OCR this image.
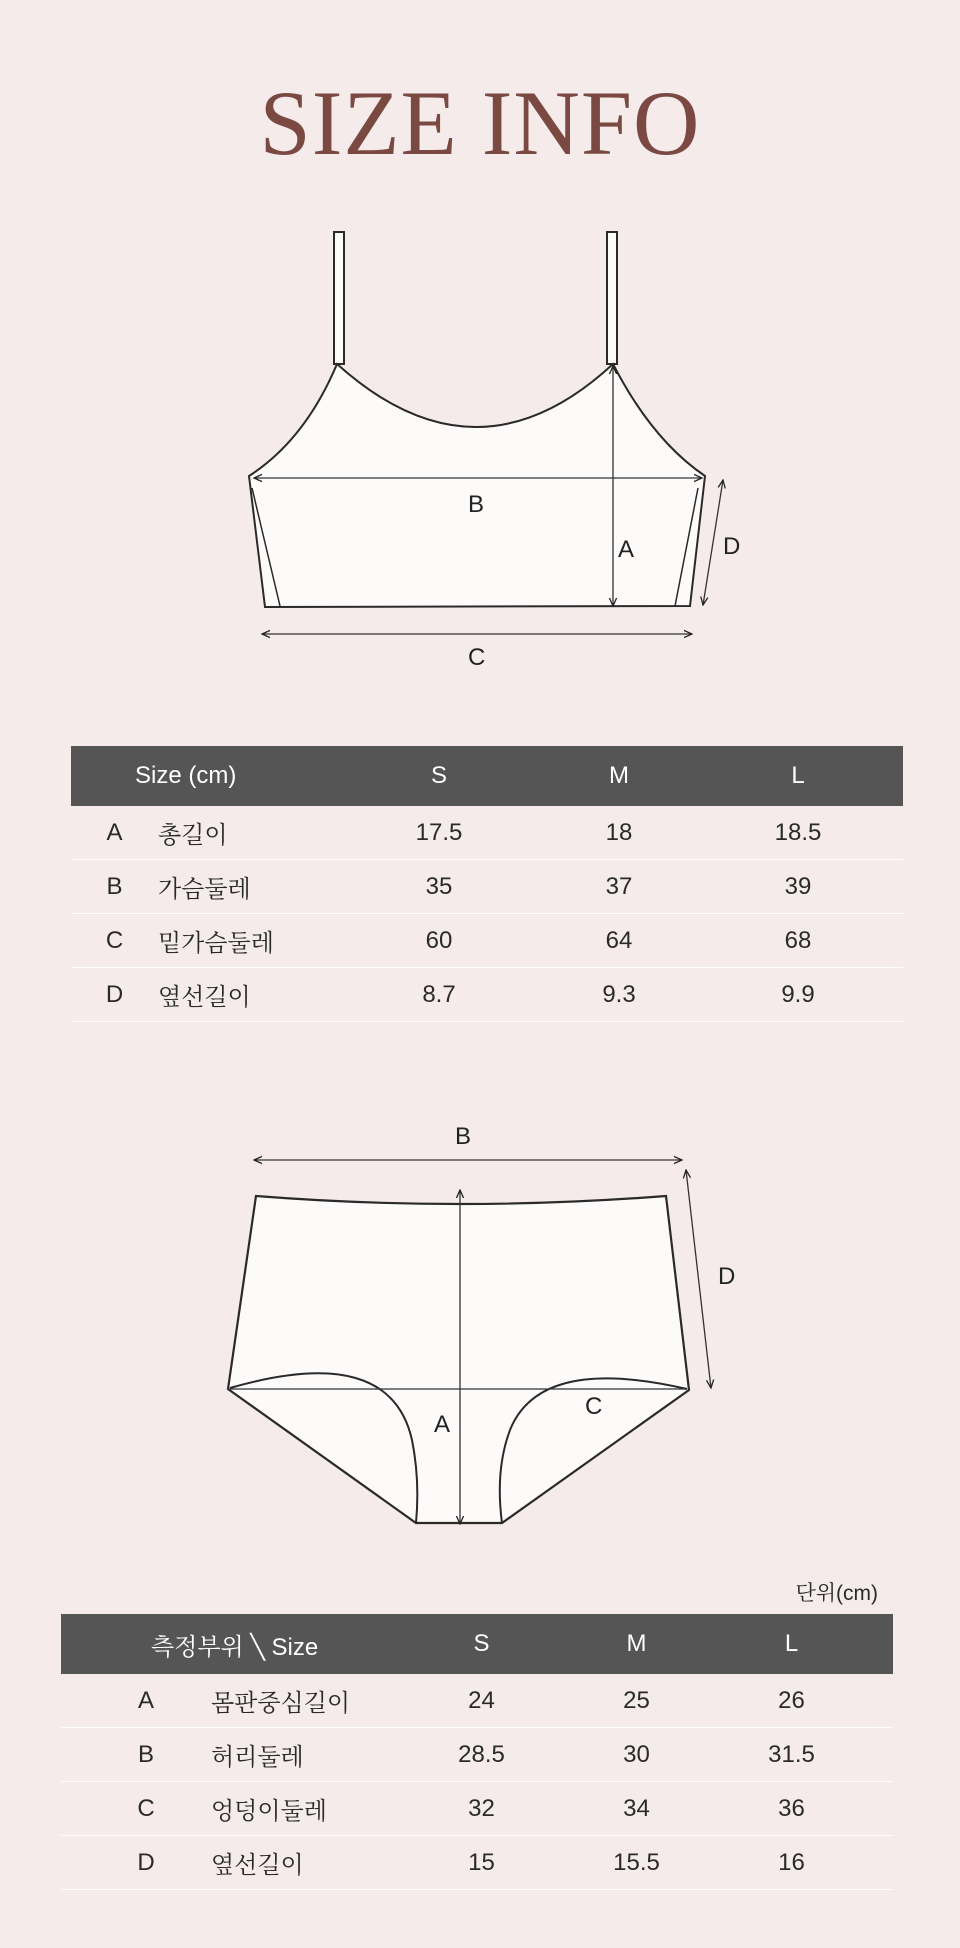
SIZE INFO
B
A
C
D
Size (cm)		S	M	L
A	총길이	17.5	18	18.5
B	가슴둘레	35	37	39
C	밑가슴둘레	60	64	68
D	옆선길이	8.7	9.3	9.9
B
D
A
C
단위(cm)
측정부위 ╲ Size		S	M	L
A	몸판중심길이	24	25	26
B	허리둘레	28.5	30	31.5
C	엉덩이둘레	32	34	36
D	옆선길이	15	15.5	16
